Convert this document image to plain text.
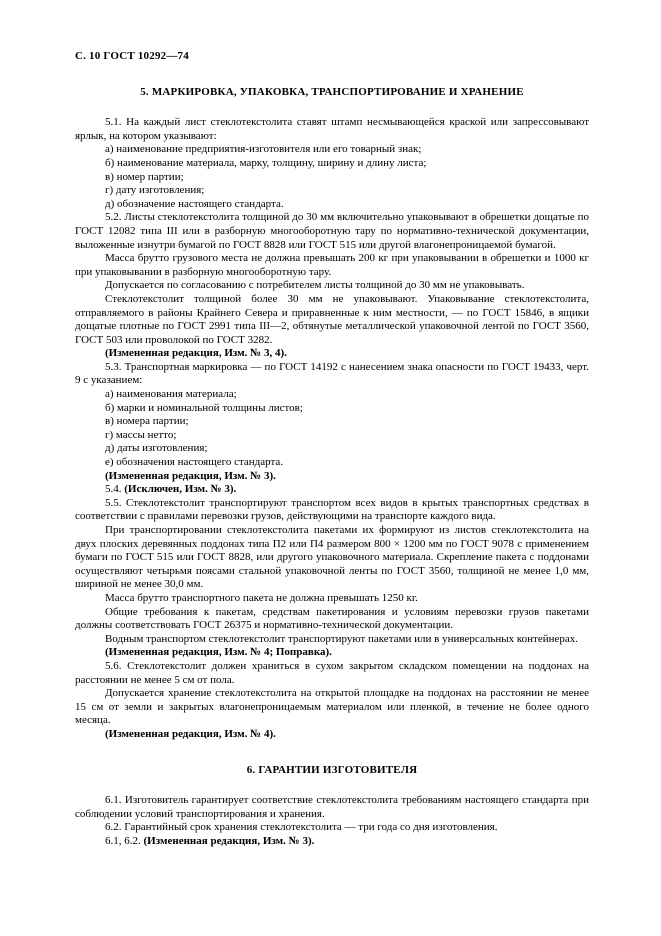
С. 10 ГОСТ 10292—74
5. МАРКИРОВКА, УПАКОВКА, ТРАНСПОРТИРОВАНИЕ И ХРАНЕНИЕ
5.1. На каждый лист стеклотекстолита ставят штамп несмывающейся краской или запрессовывают ярлык, на котором указывают:
а) наименование предприятия-изготовителя или его товарный знак;
б) наименование материала, марку, толщину, ширину и длину листа;
в) номер партии;
г) дату изготовления;
д) обозначение настоящего стандарта.
5.2. Листы стеклотекстолита толщиной до 30 мм включительно упаковывают в обрешетки дощатые по ГОСТ 12082 типа III или в разборную многооборотную тару по нормативно-технической документации, выложенные изнутри бумагой по ГОСТ 8828 или ГОСТ 515 или другой влагонепроницаемой бумагой.
Масса брутто грузового места не должна превышать 200 кг при упаковывании в обрешетки и 1000 кг при упаковывании в разборную многооборотную тару.
Допускается по согласованию с потребителем листы толщиной до 30 мм не упаковывать.
Стеклотекстолит толщиной более 30 мм не упаковывают. Упаковывание стеклотекстолита, отправляемого в районы Крайнего Севера и приравненные к ним местности, — по ГОСТ 15846, в ящики дощатые плотные по ГОСТ 2991 типа III—2, обтянутые металлической упаковочной лентой по ГОСТ 3560, ГОСТ 503 или проволокой по ГОСТ 3282.
(Измененная редакция, Изм. № 3, 4).
5.3. Транспортная маркировка — по ГОСТ 14192 с нанесением знака опасности по ГОСТ 19433, черт. 9 с указанием:
а) наименования материала;
б) марки и номинальной толщины листов;
в) номера партии;
г) массы нетто;
д) даты изготовления;
е) обозначения настоящего стандарта.
(Измененная редакция, Изм. № 3).
5.4. (Исключен, Изм. № 3).
5.5. Стеклотекстолит транспортируют транспортом всех видов в крытых транспортных средствах в соответствии с правилами перевозки грузов, действующими на транспорте каждого вида.
При транспортировании стеклотекстолита пакетами их формируют из листов стеклотекстолита на двух плоских деревянных поддонах типа П2 или П4 размером 800 × 1200 мм по ГОСТ 9078 с применением бумаги по ГОСТ 515 или ГОСТ 8828, или другого упаковочного материала. Скрепление пакета с поддонами осуществляют четырьмя поясами стальной упаковочной ленты по ГОСТ 3560, толщиной не менее 1,0 мм, шириной не менее 30,0 мм.
Масса брутто транспортного пакета не должна превышать 1250 кг.
Общие требования к пакетам, средствам пакетирования и условиям перевозки грузов пакетами должны соответствовать ГОСТ 26375 и нормативно-технической документации.
Водным транспортом стеклотекстолит транспортируют пакетами или в универсальных контейнерах.
(Измененная редакция, Изм. № 4; Поправка).
5.6. Стеклотекстолит должен храниться в сухом закрытом складском помещении на поддонах на расстоянии не менее 5 см от пола.
Допускается хранение стеклотекстолита на открытой площадке на поддонах на расстоянии не менее 15 см от земли и закрытых влагонепроницаемым материалом или пленкой, в течение не более одного месяца.
(Измененная редакция, Изм. № 4).
6. ГАРАНТИИ ИЗГОТОВИТЕЛЯ
6.1. Изготовитель гарантирует соответствие стеклотекстолита требованиям настоящего стандарта при соблюдении условий транспортирования и хранения.
6.2. Гарантийный срок хранения стеклотекстолита — три года со дня изготовления.
6.1, 6.2. (Измененная редакция, Изм. № 3).
